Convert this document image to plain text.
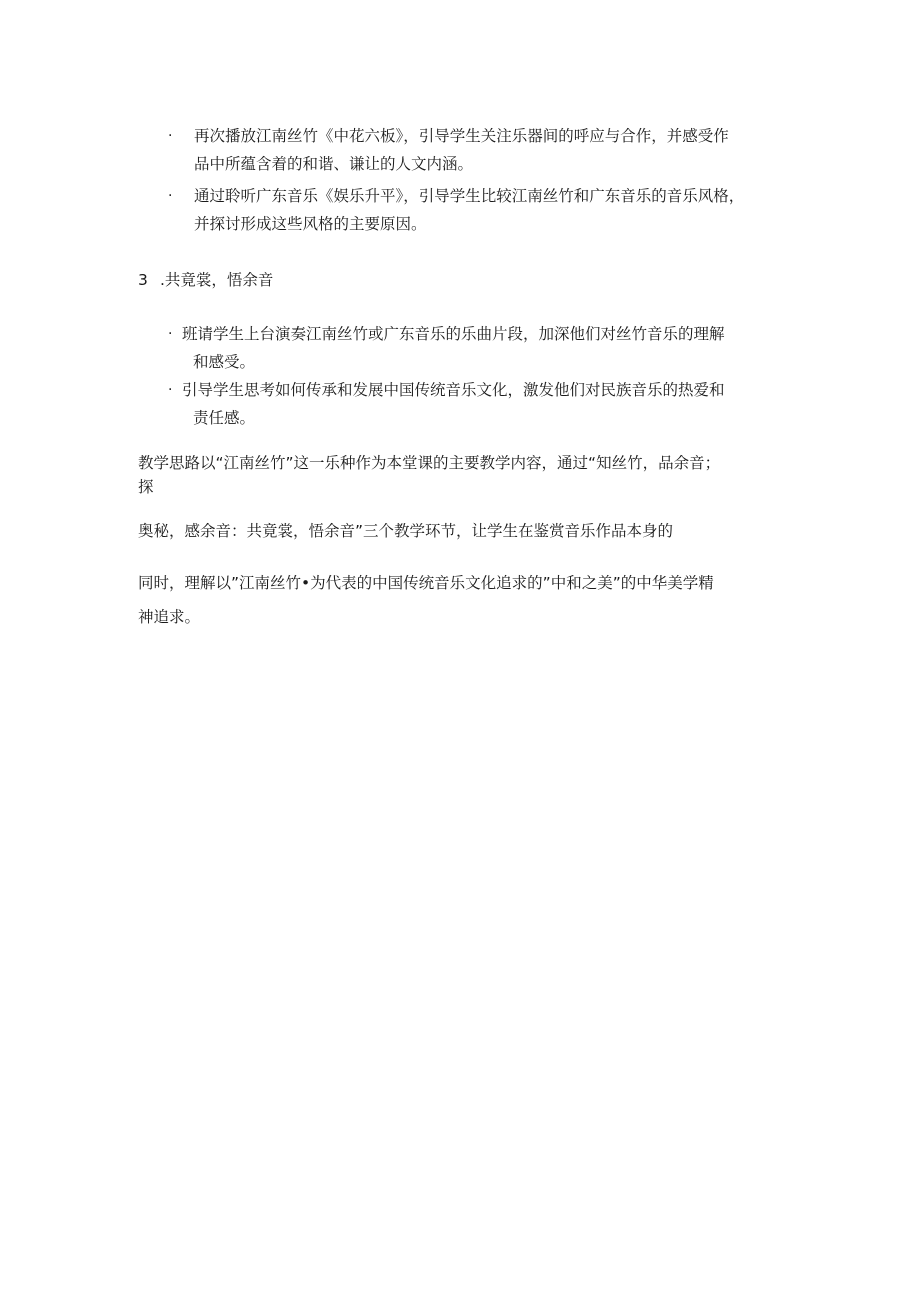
·	再次播放江南丝竹《中花六板》，引导学生关注乐器间的呼应与合作，并感受作
品中所蕴含着的和谐、谦让的人文内涵。
·	通过聆听广东音乐《娱乐升平》，引导学生比较江南丝竹和广东音乐的音乐风格，
并探讨形成这些风格的主要原因。
3 .共竟裳，悟余音
· 班请学生上台演奏江南丝竹或广东音乐的乐曲片段，加深他们对丝竹音乐的理解
和感受。
· 引导学生思考如何传承和发展中国传统音乐文化，激发他们对民族音乐的热爱和
责任感。
教学思路以“江南丝竹”这一乐种作为本堂课的主要教学内容，通过“知丝竹，品余音；
探
奥秘，感余音：共竟裳，悟余音”三个教学环节，让学生在鉴赏音乐作品本身的
同时，理解以”江南丝竹•为代表的中国传统音乐文化追求的”中和之美”的中华美学精
神追求。
